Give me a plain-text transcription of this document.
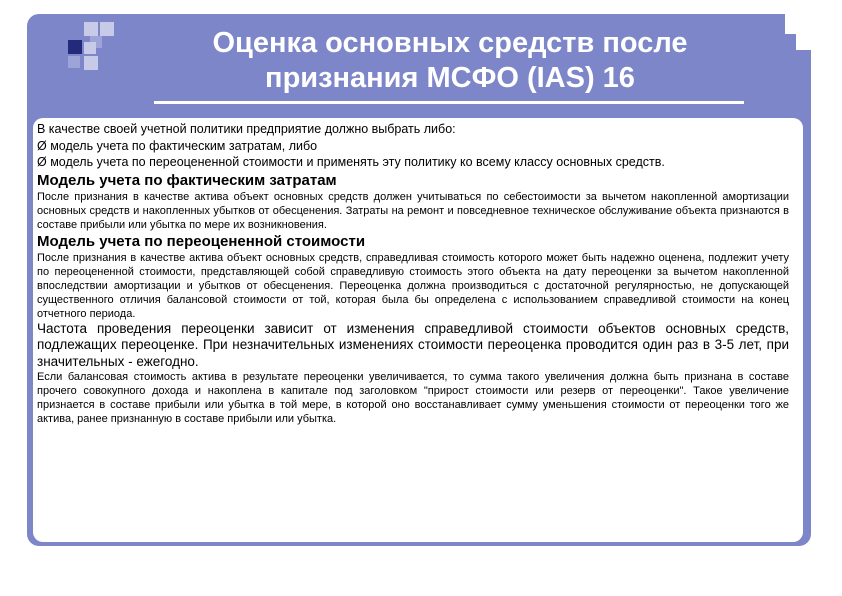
Оценка основных средств после
признания МСФО (IAS) 16

В качестве своей учетной политики предприятие должно выбрать либо:
Ø модель учета по фактическим затратам, либо
Ø модель учета по переоцененной стоимости и применять эту политику ко всему классу основных средств.

Модель учета по фактическим затратам

После признания в качестве актива объект основных средств должен учитываться по себестоимости за вычетом накопленной амортизации основных средств и накопленных убытков от обесценения. Затраты на ремонт и повседневное техническое обслуживание объекта признаются в составе прибыли или убытка по мере их возникновения.

Модель учета по переоцененной стоимости

После признания в качестве актива объект основных средств, справедливая стоимость которого может быть надежно оценена, подлежит учету по переоцененной стоимости, представляющей собой справедливую стоимость этого объекта на дату переоценки за вычетом накопленной впоследствии амортизации и убытков от обесценения. Переоценка должна производиться с достаточной регулярностью, не допускающей существенного отличия балансовой стоимости от той, которая была бы определена с использованием справедливой стоимости на конец отчетного периода.

Частота проведения переоценки зависит от изменения справедливой стоимости объектов основных средств, подлежащих переоценке. При незначительных изменениях стоимости переоценка проводится один раз в 3-5 лет, при значительных - ежегодно.

Если балансовая стоимость актива в результате переоценки увеличивается, то сумма такого увеличения должна быть признана в составе прочего совокупного дохода и накоплена в капитале под заголовком "прирост стоимости или резерв от переоценки". Такое увеличение признается в составе прибыли или убытка в той мере, в которой оно восстанавливает сумму уменьшения стоимости от переоценки того же актива, ранее признанную в составе прибыли или убытка.
